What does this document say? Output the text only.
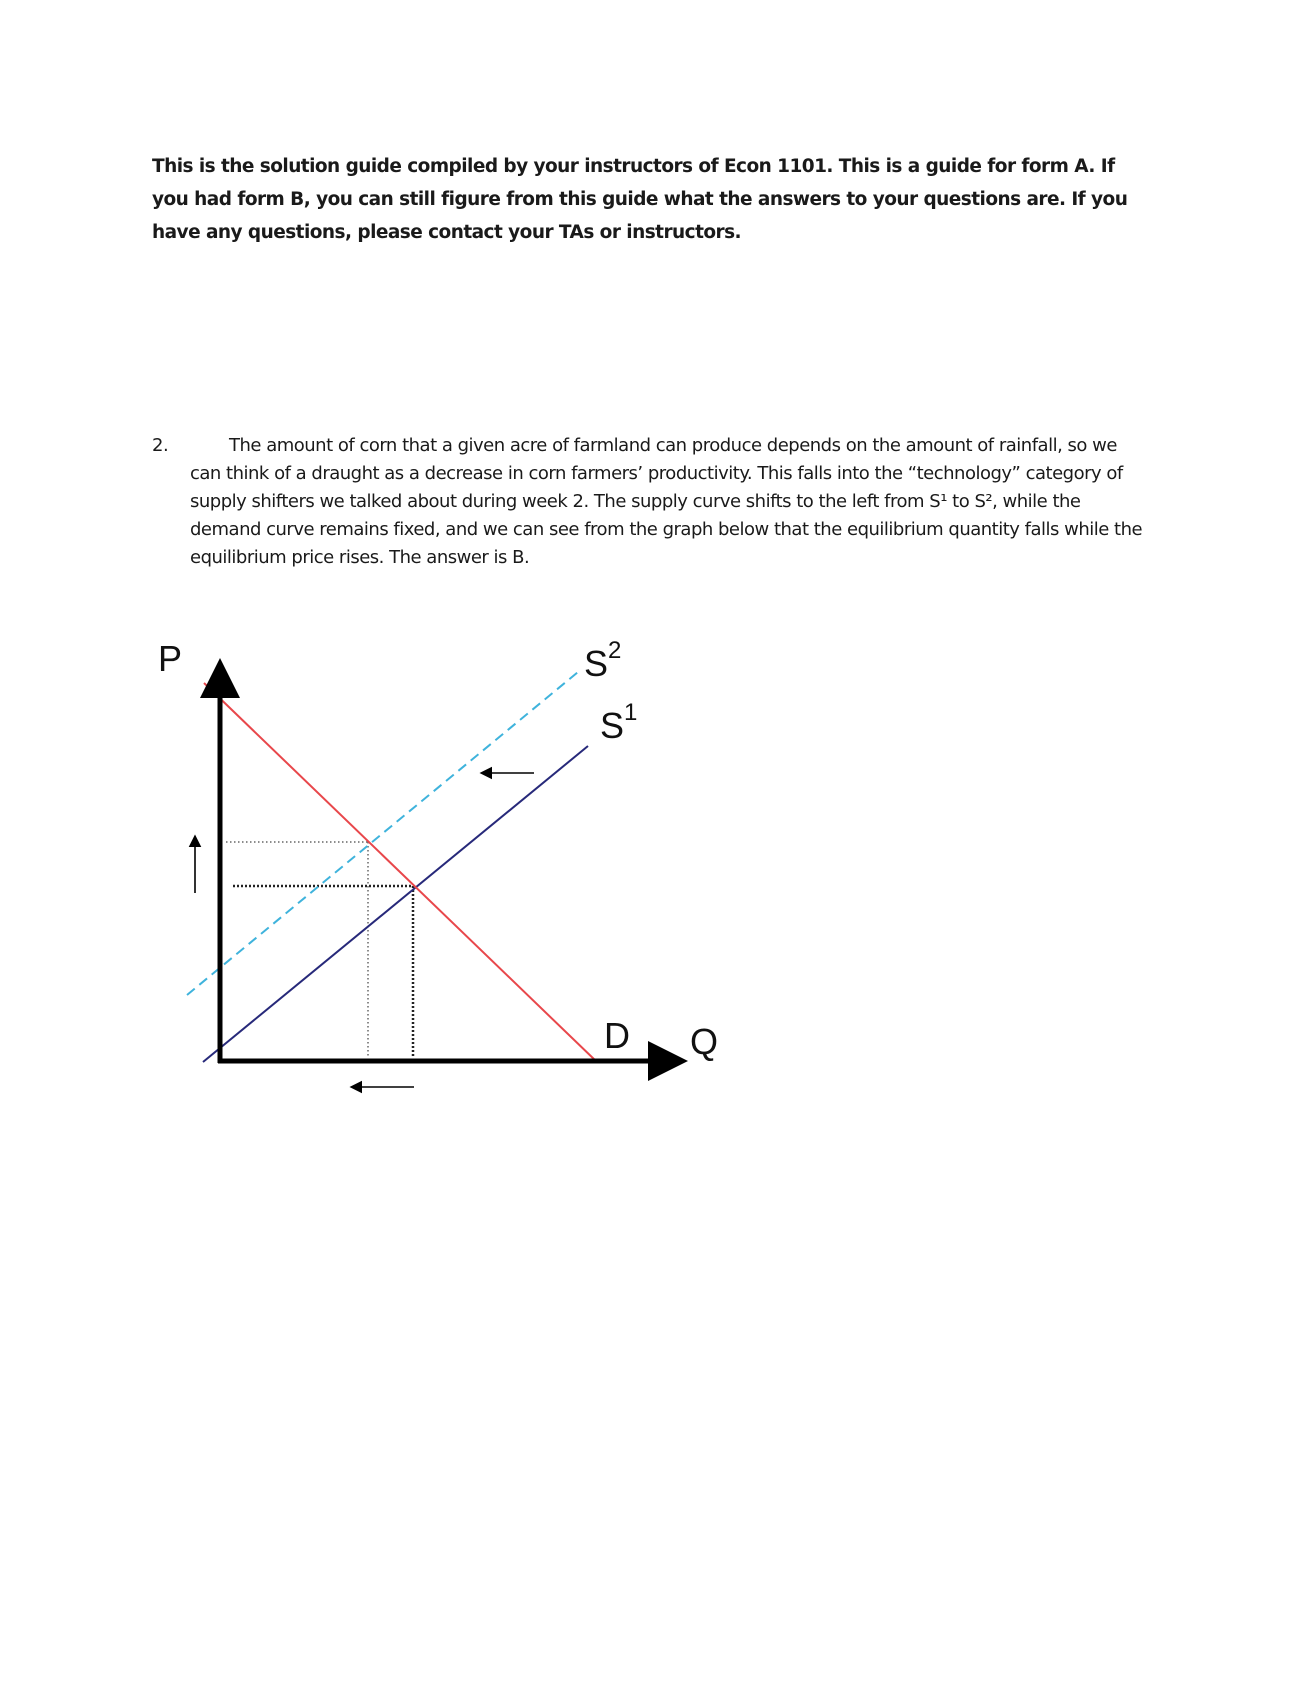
This is the solution guide compiled by your instructors of Econ 1101. This is a guide for form A. If you had form B, you can still figure from this guide what the answers to your questions are. If you have any questions, please contact your TAs or instructors.

2.	The amount of corn that a given acre of farmland can produce depends on the amount of rainfall, so we can think of a draught as a decrease in corn farmers’ productivity. This falls into the “technology” category of supply shifters we talked about during week 2. The supply curve shifts to the left from S¹ to S², while the demand curve remains fixed, and we can see from the graph below that the equilibrium quantity falls while the equilibrium price rises. The answer is B.

P
Q
D
$S^2$
$S^1$
